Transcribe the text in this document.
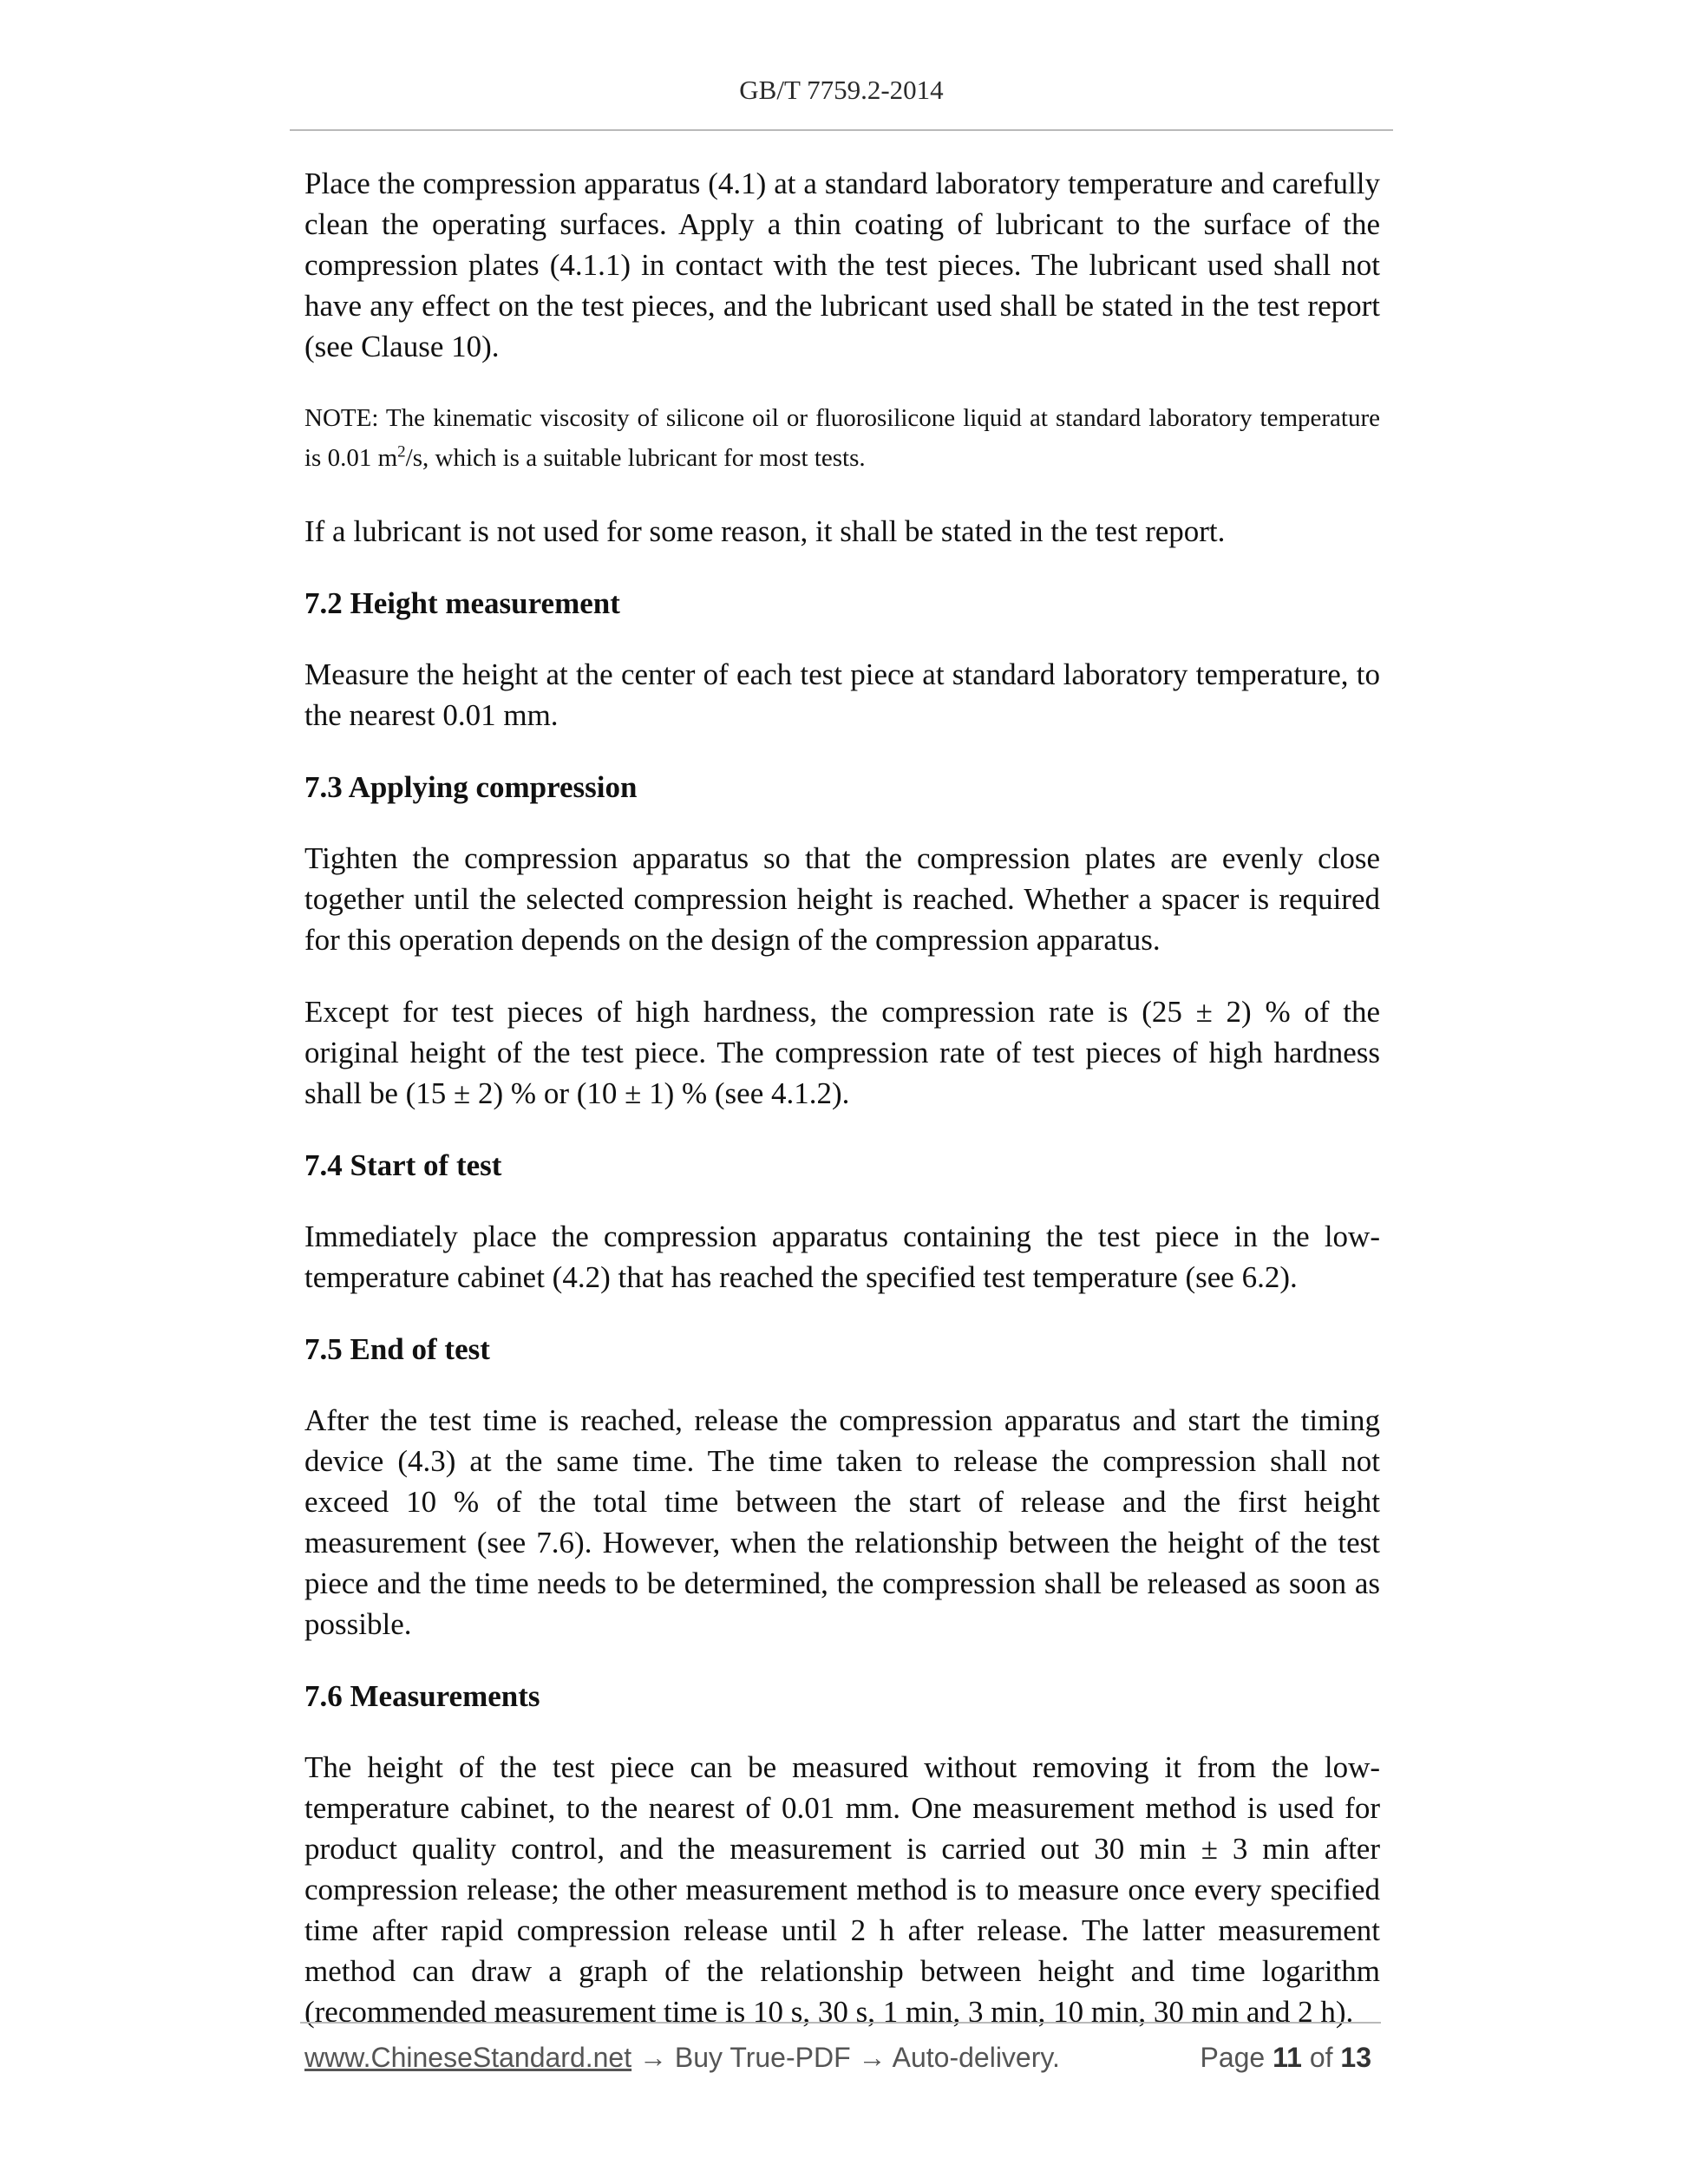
GB/T 7759.2-2014

Place the compression apparatus (4.1) at a standard laboratory temperature and carefully clean the operating surfaces. Apply a thin coating of lubricant to the surface of the compression plates (4.1.1) in contact with the test pieces. The lubricant used shall not have any effect on the test pieces, and the lubricant used shall be stated in the test report (see Clause 10).

NOTE: The kinematic viscosity of silicone oil or fluorosilicone liquid at standard laboratory temperature is 0.01 $m^2/s$, which is a suitable lubricant for most tests.

If a lubricant is not used for some reason, it shall be stated in the test report.

7.2 Height measurement

Measure the height at the center of each test piece at standard laboratory temperature, to the nearest 0.01 mm.

7.3 Applying compression

Tighten the compression apparatus so that the compression plates are evenly close together until the selected compression height is reached. Whether a spacer is required for this operation depends on the design of the compression apparatus.

Except for test pieces of high hardness, the compression rate is (25 ± 2) % of the original height of the test piece. The compression rate of test pieces of high hardness shall be (15 ± 2) % or (10 ± 1) % (see 4.1.2).

7.4 Start of test

Immediately place the compression apparatus containing the test piece in the low-temperature cabinet (4.2) that has reached the specified test temperature (see 6.2).

7.5 End of test

After the test time is reached, release the compression apparatus and start the timing device (4.3) at the same time. The time taken to release the compression shall not exceed 10 % of the total time between the start of release and the first height measurement (see 7.6). However, when the relationship between the height of the test piece and the time needs to be determined, the compression shall be released as soon as possible.

7.6 Measurements

The height of the test piece can be measured without removing it from the low-temperature cabinet, to the nearest of 0.01 mm. One measurement method is used for product quality control, and the measurement is carried out 30 min ± 3 min after compression release; the other measurement method is to measure once every specified time after rapid compression release until 2 h after release. The latter measurement method can draw a graph of the relationship between height and time logarithm (recommended measurement time is 10 s, 30 s, 1 min, 3 min, 10 min, 30 min and 2 h).

www.ChineseStandard.net → Buy True-PDF → Auto-delivery.	Page 11 of 13
